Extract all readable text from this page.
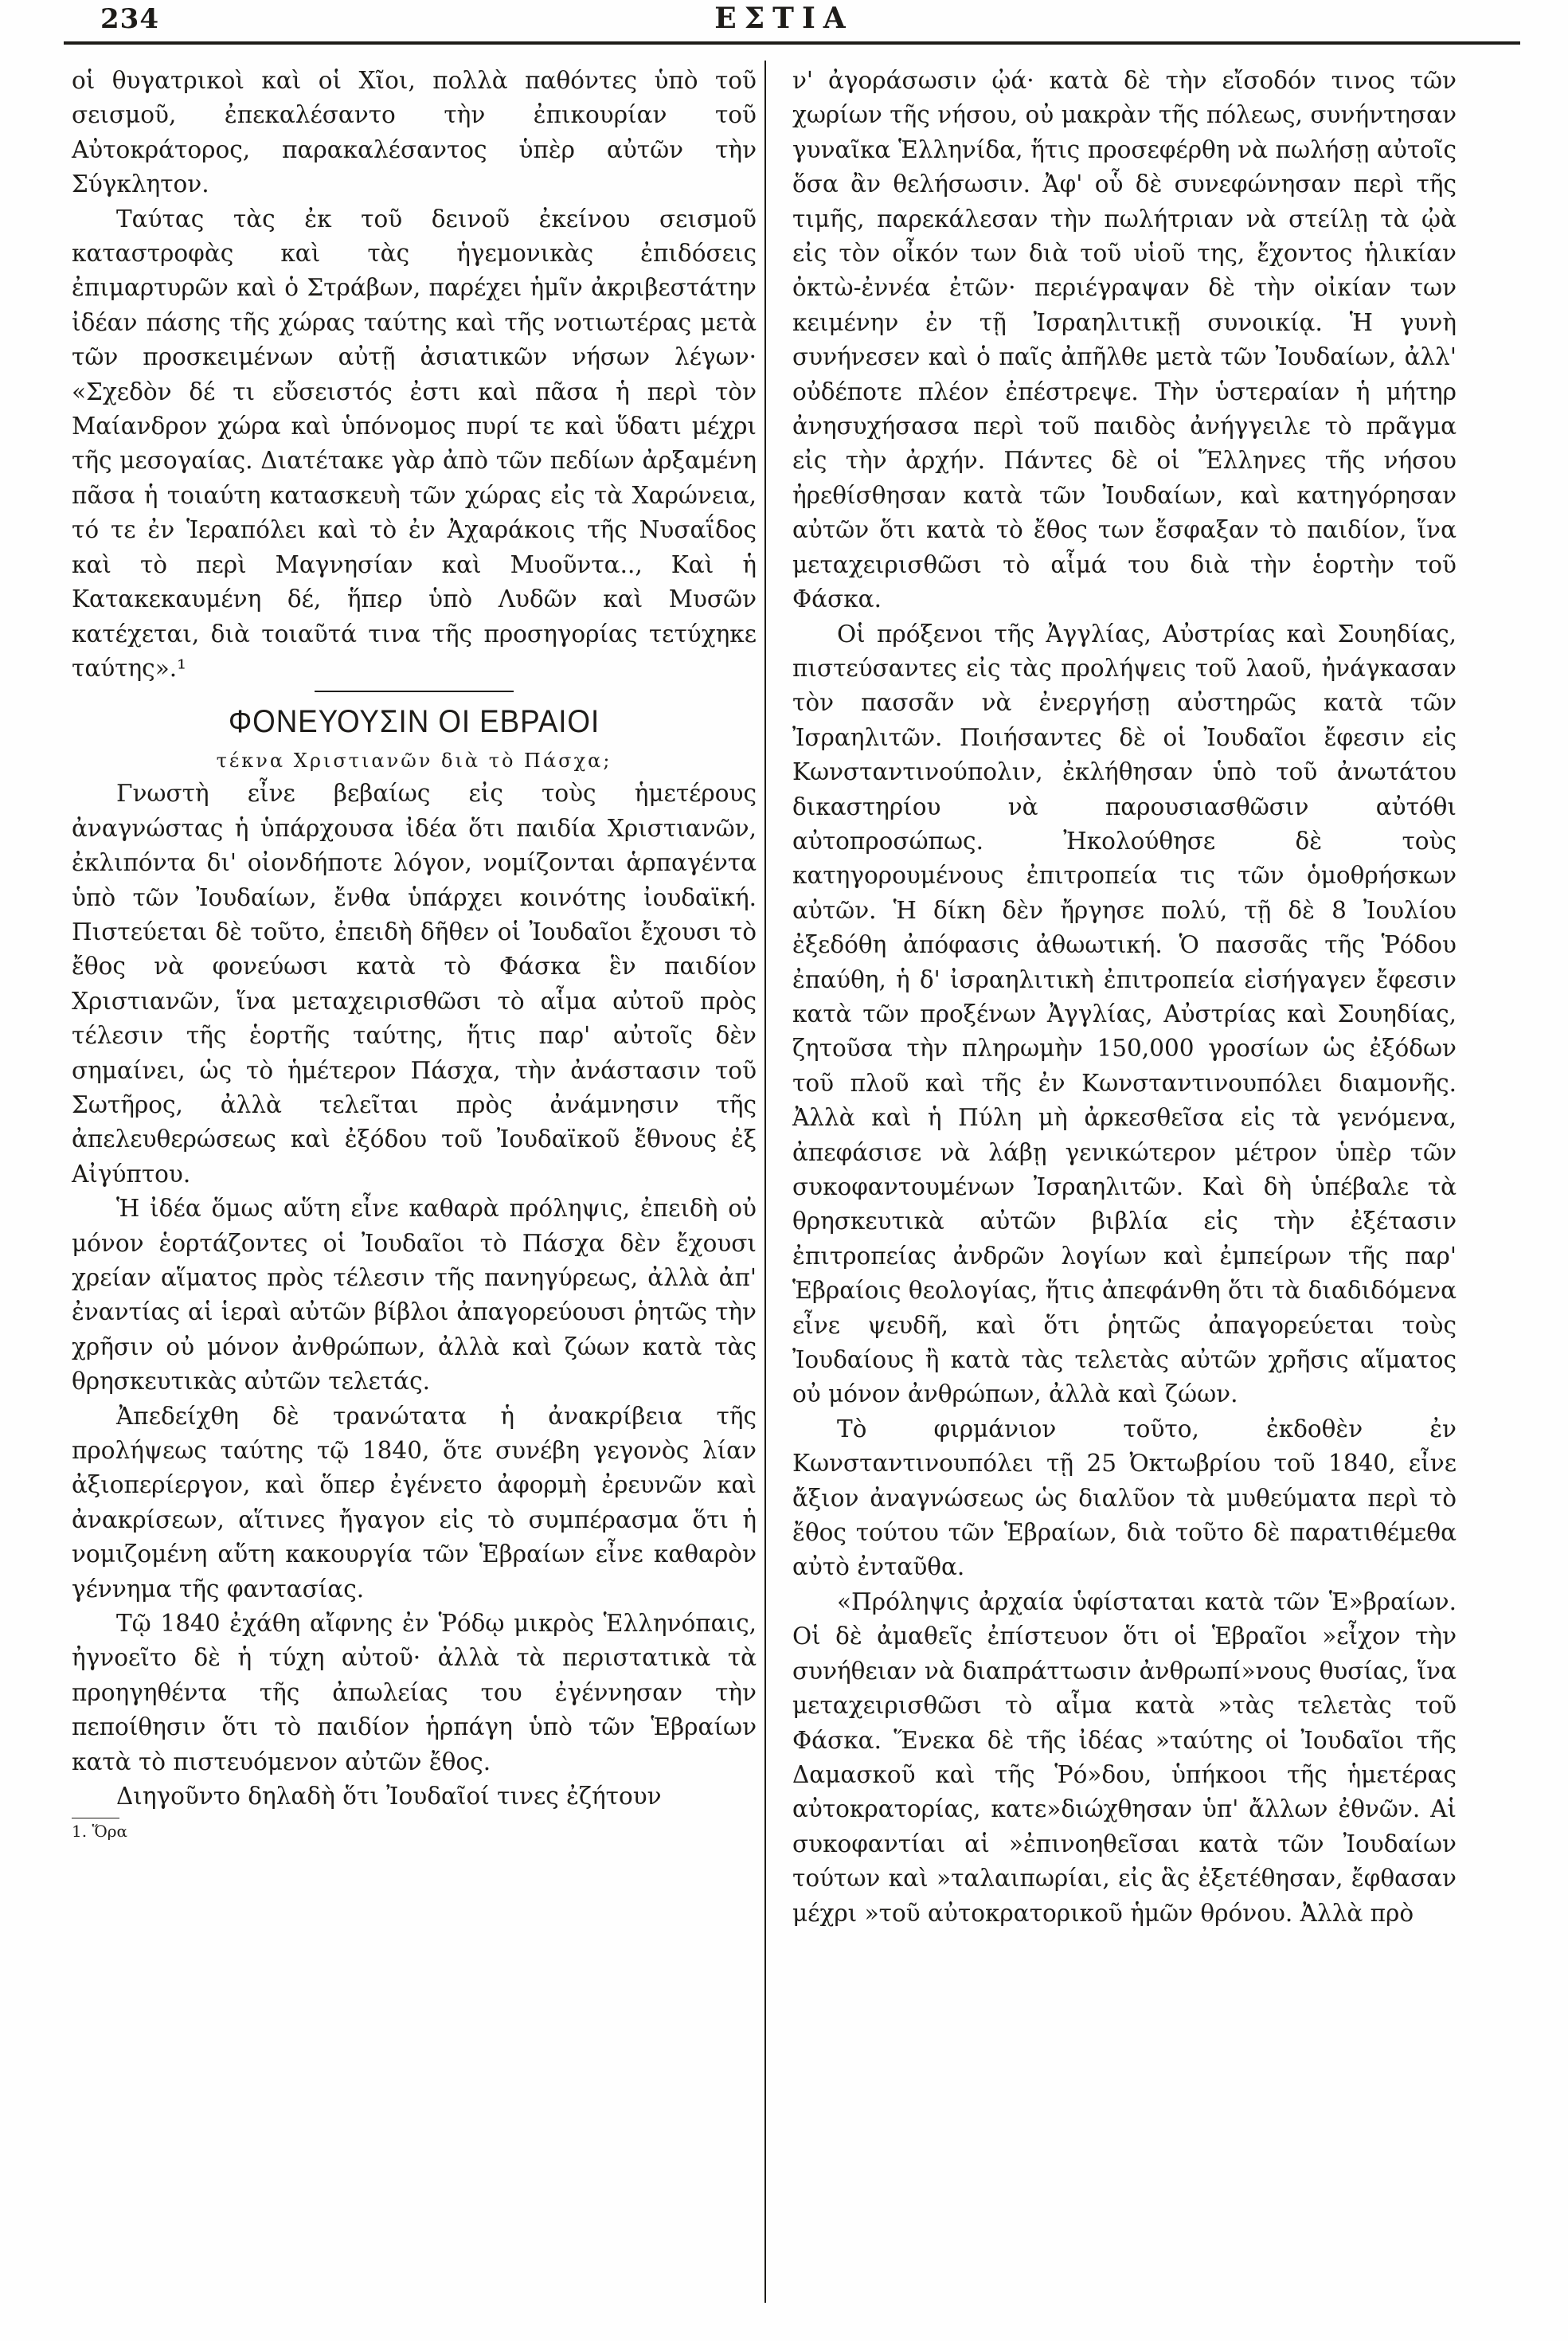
234	ΕΣΤΙΑ

οἱ θυγατρικοὶ καὶ οἱ Χῖοι, πολλὰ παθόντες ὑπὸ τοῦ σεισμοῦ, ἐπεκαλέσαντο τὴν ἐπικουρίαν τοῦ Αὐτοκράτορος, παρακαλέσαντος ὑπὲρ αὐτῶν τὴν Σύγκλητον.

Ταύτας τὰς ἐκ τοῦ δεινοῦ ἐκείνου σεισμοῦ καταστροφὰς καὶ τὰς ἡγεμονικὰς ἐπιδόσεις ἐπιμαρτυρῶν καὶ ὁ Στράβων, παρέχει ἡμῖν ἀκριβεστάτην ἰδέαν πάσης τῆς χώρας ταύτης καὶ τῆς νοτιωτέρας μετὰ τῶν προσκειμένων αὐτῇ ἀσιατικῶν νήσων λέγων· «Σχεδὸν δέ τι εὔσειστός ἐστι καὶ πᾶσα ἡ περὶ τὸν Μαίανδρον χώρα καὶ ὑπόνομος πυρί τε καὶ ὕδατι μέχρι τῆς μεσογαίας. Διατέτακε γὰρ ἀπὸ τῶν πεδίων ἀρξαμένη πᾶσα ἡ τοιαύτη κατασκευὴ τῶν χώρας εἰς τὰ Χαρώνεια, τό τε ἐν Ἱεραπόλει καὶ τὸ ἐν Ἀχαράκοις τῆς Νυσαΐδος καὶ τὸ περὶ Μαγνησίαν καὶ Μυοῦντα.., Καὶ ἡ Κατακεκαυμένη δέ, ἥπερ ὑπὸ Λυδῶν καὶ Μυσῶν κατέχεται, διὰ τοιαῦτά τινα τῆς προσηγορίας τετύχηκε ταύτης».¹

ΦΟΝΕΥΟΥΣΙΝ ΟΙ ΕΒΡΑΙΟΙ
τέκνα Χριστιανῶν διὰ τὸ Πάσχα;

Γνωστὴ εἶνε βεβαίως εἰς τοὺς ἡμετέρους ἀναγνώστας ἡ ὑπάρχουσα ἰδέα ὅτι παιδία Χριστιανῶν, ἐκλιπόντα δι' οἰονδήποτε λόγον, νομίζονται ἁρπαγέντα ὑπὸ τῶν Ἰουδαίων, ἔνθα ὑπάρχει κοινότης ἰουδαϊκή. Πιστεύεται δὲ τοῦτο, ἐπειδὴ δῆθεν οἱ Ἰουδαῖοι ἔχουσι τὸ ἔθος νὰ φονεύωσι κατὰ τὸ Φάσκα ἓν παιδίον Χριστιανῶν, ἵνα μεταχειρισθῶσι τὸ αἷμα αὐτοῦ πρὸς τέλεσιν τῆς ἑορτῆς ταύτης, ἥτις παρ' αὐτοῖς δὲν σημαίνει, ὡς τὸ ἡμέτερον Πάσχα, τὴν ἀνάστασιν τοῦ Σωτῆρος, ἀλλὰ τελεῖται πρὸς ἀνάμνησιν τῆς ἀπελευθερώσεως καὶ ἐξόδου τοῦ Ἰουδαϊκοῦ ἔθνους ἐξ Αἰγύπτου.

Ἡ ἰδέα ὅμως αὕτη εἶνε καθαρὰ πρόληψις, ἐπειδὴ οὐ μόνον ἑορτάζοντες οἱ Ἰουδαῖοι τὸ Πάσχα δὲν ἔχουσι χρείαν αἵματος πρὸς τέλεσιν τῆς πανηγύρεως, ἀλλὰ ἀπ' ἐναντίας αἱ ἱεραὶ αὐτῶν βίβλοι ἀπαγορεύουσι ῥητῶς τὴν χρῆσιν οὐ μόνον ἀνθρώπων, ἀλλὰ καὶ ζώων κατὰ τὰς θρησκευτικὰς αὐτῶν τελετάς.

Ἀπεδείχθη δὲ τρανώτατα ἡ ἀνακρίβεια τῆς προλήψεως ταύτης τῷ 1840, ὅτε συνέβη γεγονὸς λίαν ἀξιοπερίεργον, καὶ ὅπερ ἐγένετο ἀφορμὴ ἐρευνῶν καὶ ἀνακρίσεων, αἵτινες ἤγαγον εἰς τὸ συμπέρασμα ὅτι ἡ νομιζομένη αὕτη κακουργία τῶν Ἑβραίων εἶνε καθαρὸν γέννημα τῆς φαντασίας.

Τῷ 1840 ἐχάθη αἴφνης ἐν Ῥόδῳ μικρὸς Ἑλληνόπαις, ἠγνοεῖτο δὲ ἡ τύχη αὐτοῦ· ἀλλὰ τὰ περιστατικὰ τὰ προηγηθέντα τῆς ἀπωλείας του ἐγέννησαν τὴν πεποίθησιν ὅτι τὸ παιδίον ἡρπάγη ὑπὸ τῶν Ἑβραίων κατὰ τὸ πιστευόμενον αὐτῶν ἔθος.

Διηγοῦντο δηλαδὴ ὅτι Ἰουδαῖοί τινες ἐζήτουν

1. Ὅρα

ν' ἀγοράσωσιν ᾠά· κατὰ δὲ τὴν εἴσοδόν τινος τῶν χωρίων τῆς νήσου, οὐ μακρὰν τῆς πόλεως, συνήντησαν γυναῖκα Ἑλληνίδα, ἥτις προσεφέρθη νὰ πωλήσῃ αὐτοῖς ὅσα ἂν θελήσωσιν. Ἀφ' οὗ δὲ συνεφώνησαν περὶ τῆς τιμῆς, παρεκάλεσαν τὴν πωλήτριαν νὰ στείλῃ τὰ ᾠὰ εἰς τὸν οἶκόν των διὰ τοῦ υἱοῦ της, ἔχοντος ἡλικίαν ὀκτὼ-ἐννέα ἐτῶν· περιέγραψαν δὲ τὴν οἰκίαν των κειμένην ἐν τῇ Ἰσραηλιτικῇ συνοικίᾳ. Ἡ γυνὴ συνήνεσεν καὶ ὁ παῖς ἀπῆλθε μετὰ τῶν Ἰουδαίων, ἀλλ' οὐδέποτε πλέον ἐπέστρεψε. Τὴν ὑστεραίαν ἡ μήτηρ ἀνησυχήσασα περὶ τοῦ παιδὸς ἀνήγγειλε τὸ πρᾶγμα εἰς τὴν ἀρχήν. Πάντες δὲ οἱ Ἕλληνες τῆς νήσου ἠρεθίσθησαν κατὰ τῶν Ἰουδαίων, καὶ κατηγόρησαν αὐτῶν ὅτι κατὰ τὸ ἔθος των ἔσφαξαν τὸ παιδίον, ἵνα μεταχειρισθῶσι τὸ αἷμά του διὰ τὴν ἑορτὴν τοῦ Φάσκα.

Οἱ πρόξενοι τῆς Ἀγγλίας, Αὐστρίας καὶ Σουηδίας, πιστεύσαντες εἰς τὰς προλήψεις τοῦ λαοῦ, ἠνάγκασαν τὸν πασσᾶν νὰ ἐνεργήσῃ αὐστηρῶς κατὰ τῶν Ἰσραηλιτῶν. Ποιήσαντες δὲ οἱ Ἰουδαῖοι ἔφεσιν εἰς Κωνσταντινούπολιν, ἐκλήθησαν ὑπὸ τοῦ ἀνωτάτου δικαστηρίου νὰ παρουσιασθῶσιν αὐτόθι αὐτοπροσώπως. Ἠκολούθησε δὲ τοὺς κατηγορουμένους ἐπιτροπεία τις τῶν ὁμοθρήσκων αὐτῶν. Ἡ δίκη δὲν ἤργησε πολύ, τῇ δὲ 8 Ἰουλίου ἐξεδόθη ἀπόφασις ἀθωωτική. Ὁ πασσᾶς τῆς Ῥόδου ἐπαύθη, ἡ δ' ἰσραηλιτικὴ ἐπιτροπεία εἰσήγαγεν ἔφεσιν κατὰ τῶν προξένων Ἀγγλίας, Αὐστρίας καὶ Σουηδίας, ζητοῦσα τὴν πληρωμὴν 150,000 γροσίων ὡς ἐξόδων τοῦ πλοῦ καὶ τῆς ἐν Κωνσταντινουπόλει διαμονῆς. Ἀλλὰ καὶ ἡ Πύλη μὴ ἀρκεσθεῖσα εἰς τὰ γενόμενα, ἀπεφάσισε νὰ λάβῃ γενικώτερον μέτρον ὑπὲρ τῶν συκοφαντουμένων Ἰσραηλιτῶν. Καὶ δὴ ὑπέβαλε τὰ θρησκευτικὰ αὐτῶν βιβλία εἰς τὴν ἐξέτασιν ἐπιτροπείας ἀνδρῶν λογίων καὶ ἐμπείρων τῆς παρ' Ἑβραίοις θεολογίας, ἥτις ἀπεφάνθη ὅτι τὰ διαδιδόμενα εἶνε ψευδῆ, καὶ ὅτι ῥητῶς ἀπαγορεύεται τοὺς Ἰουδαίους ἢ κατὰ τὰς τελετὰς αὐτῶν χρῆσις αἵματος οὐ μόνον ἀνθρώπων, ἀλλὰ καὶ ζώων.

Τὸ φιρμάνιον τοῦτο, ἐκδοθὲν ἐν Κωνσταντινουπόλει τῇ 25 Ὀκτωβρίου τοῦ 1840, εἶνε ἄξιον ἀναγνώσεως ὡς διαλῦον τὰ μυθεύματα περὶ τὸ ἔθος τούτου τῶν Ἑβραίων, διὰ τοῦτο δὲ παρατιθέμεθα αὐτὸ ἐνταῦθα.

«Πρόληψις ἀρχαία ὑφίσταται κατὰ τῶν Ἑ»βραίων. Οἱ δὲ ἀμαθεῖς ἐπίστευον ὅτι οἱ Ἑβραῖοι »εἶχον τὴν συνήθειαν νὰ διαπράττωσιν ἀνθρωπί»νους θυσίας, ἵνα μεταχειρισθῶσι τὸ αἷμα κατὰ »τὰς τελετὰς τοῦ Φάσκα. Ἕνεκα δὲ τῆς ἰδέας »ταύτης οἱ Ἰουδαῖοι τῆς Δαμασκοῦ καὶ τῆς Ῥό»δου, ὑπήκοοι τῆς ἡμετέρας αὐτοκρατορίας, κατε»διώχθησαν ὑπ' ἄλλων ἐθνῶν. Αἱ συκοφαντίαι αἱ »ἐπινοηθεῖσαι κατὰ τῶν Ἰουδαίων τούτων καὶ »ταλαιπωρίαι, εἰς ἃς ἐξετέθησαν, ἔφθασαν μέχρι »τοῦ αὐτοκρατορικοῦ ἡμῶν θρόνου. Ἀλλὰ πρὸ
